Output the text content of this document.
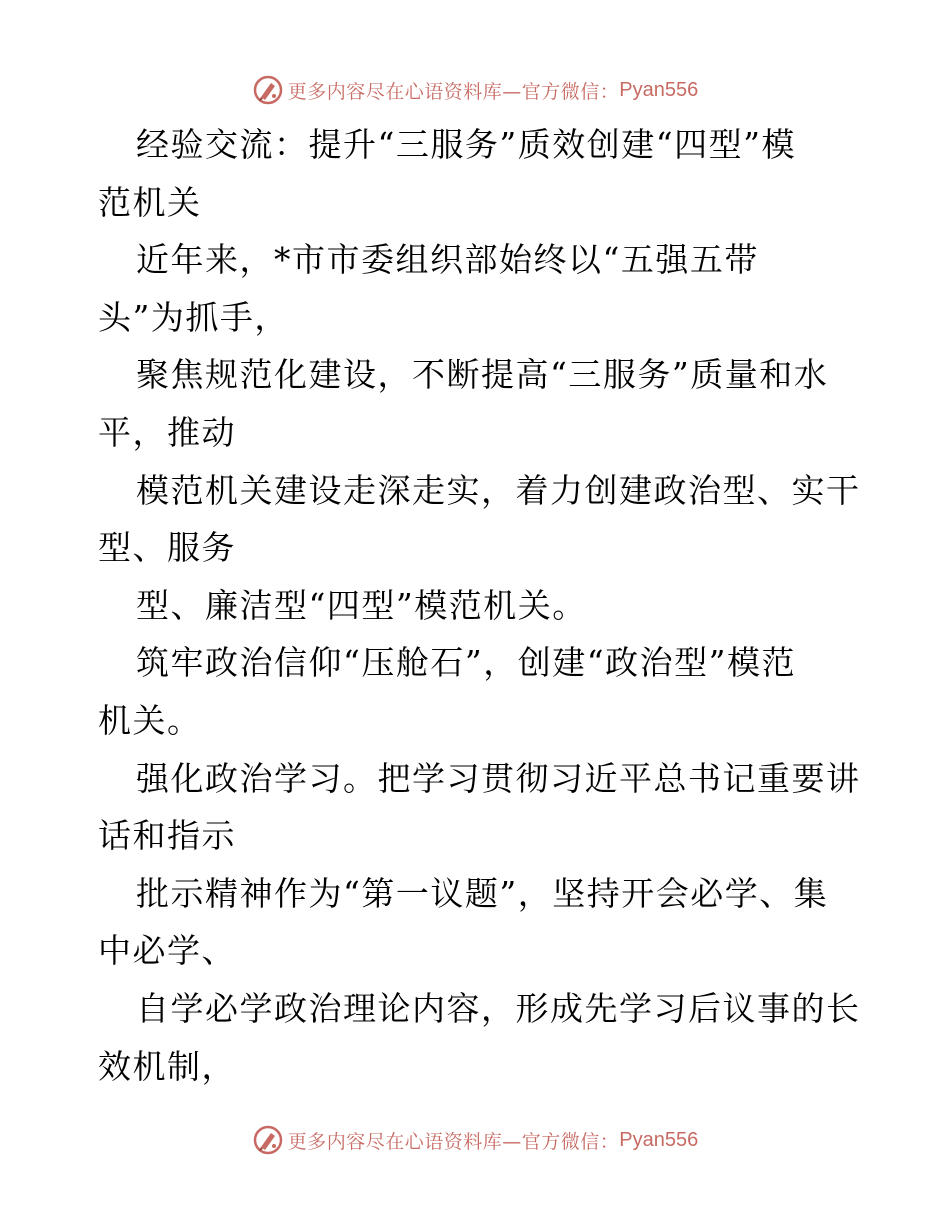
更多内容尽在心语资料库—官方微信： Pyan556
经验交流：提升“三服务”质效创建“四型”模
范机关
近年来，*市市委组织部始终以“五强五带
头”为抓手，
聚焦规范化建设，不断提高“三服务”质量和水
平，推动
模范机关建设走深走实，着力创建政治型、实干
型、服务
型、廉洁型“四型”模范机关。
筑牢政治信仰“压舱石”，创建“政治型”模范
机关。
强化政治学习。把学习贯彻习近平总书记重要讲
话和指示
批示精神作为“第一议题”，坚持开会必学、集
中必学、
自学必学政治理论内容，形成先学习后议事的长
效机制，
更多内容尽在心语资料库—官方微信： Pyan556
